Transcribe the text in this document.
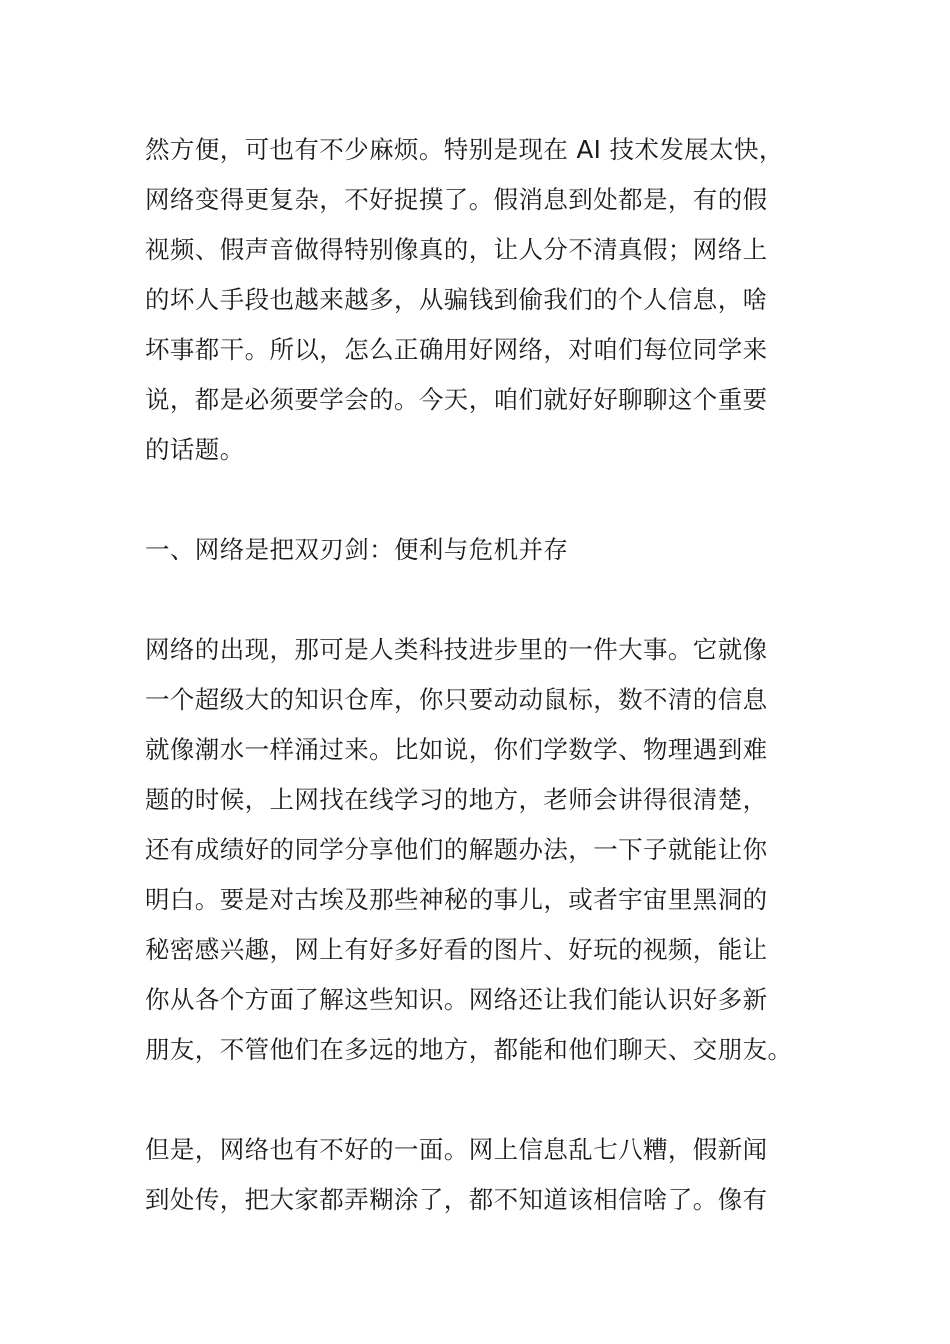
然方便，可也有不少麻烦。特别是现在 AI 技术发展太快，

网络变得更复杂，不好捉摸了。假消息到处都是，有的假

视频、假声音做得特别像真的，让人分不清真假；网络上

的坏人手段也越来越多，从骗钱到偷我们的个人信息，啥

坏事都干。所以，怎么正确用好网络，对咱们每位同学来

说，都是必须要学会的。今天，咱们就好好聊聊这个重要

的话题。

一、网络是把双刃剑：便利与危机并存

网络的出现，那可是人类科技进步里的一件大事。它就像

一个超级大的知识仓库，你只要动动鼠标，数不清的信息

就像潮水一样涌过来。比如说，你们学数学、物理遇到难

题的时候，上网找在线学习的地方，老师会讲得很清楚，

还有成绩好的同学分享他们的解题办法，一下子就能让你

明白。要是对古埃及那些神秘的事儿，或者宇宙里黑洞的

秘密感兴趣，网上有好多好看的图片、好玩的视频，能让

你从各个方面了解这些知识。网络还让我们能认识好多新

朋友，不管他们在多远的地方，都能和他们聊天、交朋友。

但是，网络也有不好的一面。网上信息乱七八糟，假新闻

到处传，把大家都弄糊涂了，都不知道该相信啥了。像有
